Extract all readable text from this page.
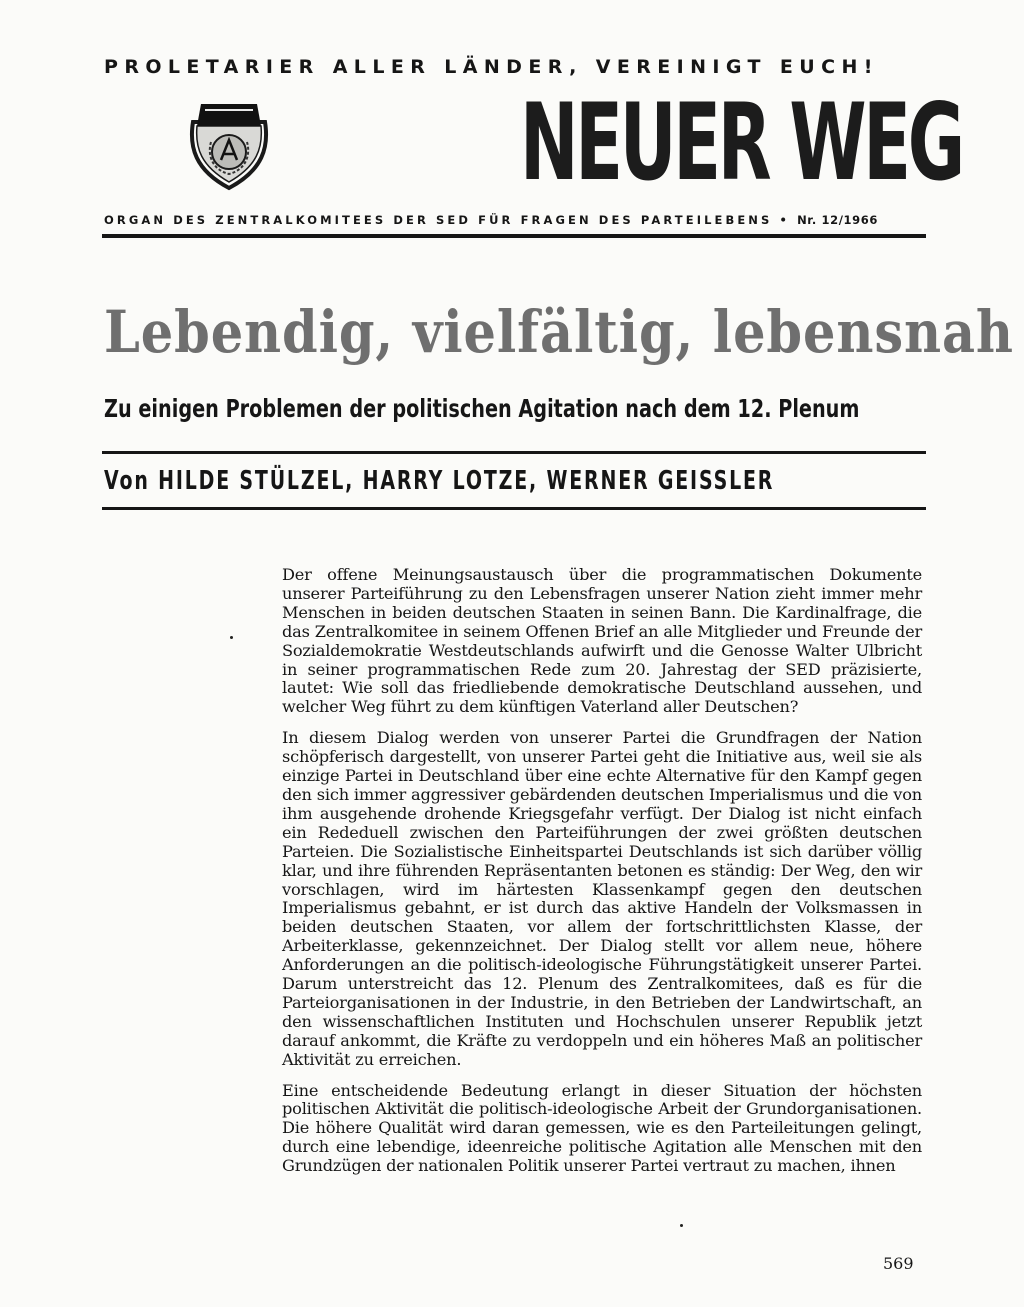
PROLETARIER ALLER LÄNDER, VEREINIGT EUCH!
NEUER WEG
ORGAN DES ZENTRALKOMITEES DER SED FÜR FRAGEN DES PARTEILEBENS • Nr. 12/1966
Lebendig, vielfältig, lebensnah
Zu einigen Problemen der politischen Agitation nach dem 12. Plenum
Von HILDE STÜLZEL, HARRY LOTZE, WERNER GEISSLER

Der offene Meinungsaustausch über die programmatischen Dokumente unserer Parteiführung zu den Lebensfragen unserer Nation zieht immer mehr Menschen in beiden deutschen Staaten in seinen Bann. Die Kardinalfrage, die das Zentralkomitee in seinem Offenen Brief an alle Mitglieder und Freunde der Sozialdemokratie Westdeutschlands aufwirft und die Genosse Walter Ulbricht in seiner programmatischen Rede zum 20. Jahrestag der SED präzisierte, lautet: Wie soll das friedliebende demokratische Deutschland aussehen, und welcher Weg führt zu dem künftigen Vaterland aller Deutschen?

In diesem Dialog werden von unserer Partei die Grundfragen der Nation schöpferisch dargestellt, von unserer Partei geht die Initiative aus, weil sie als einzige Partei in Deutschland über eine echte Alternative für den Kampf gegen den sich immer aggressiver gebärdenden deutschen Imperialismus und die von ihm ausgehende drohende Kriegsgefahr verfügt. Der Dialog ist nicht einfach ein Rededuell zwischen den Parteiführungen der zwei größten deutschen Parteien. Die Sozialistische Einheitspartei Deutschlands ist sich darüber völlig klar, und ihre führenden Repräsentanten betonen es ständig: Der Weg, den wir vorschlagen, wird im härtesten Klassenkampf gegen den deutschen Imperialismus gebahnt, er ist durch das aktive Handeln der Volksmassen in beiden deutschen Staaten, vor allem der fortschrittlichsten Klasse, der Arbeiterklasse, gekennzeichnet. Der Dialog stellt vor allem neue, höhere Anforderungen an die politisch-ideologische Führungstätigkeit unserer Partei. Darum unterstreicht das 12. Plenum des Zentralkomitees, daß es für die Parteiorganisationen in der Industrie, in den Betrieben der Landwirtschaft, an den wissenschaftlichen Instituten und Hochschulen unserer Republik jetzt darauf ankommt, die Kräfte zu verdoppeln und ein höheres Maß an politischer Aktivität zu erreichen.

Eine entscheidende Bedeutung erlangt in dieser Situation der höchsten politischen Aktivität die politisch-ideologische Arbeit der Grundorganisationen. Die höhere Qualität wird daran gemessen, wie es den Parteileitungen gelingt, durch eine lebendige, ideenreiche politische Agitation alle Menschen mit den Grundzügen der nationalen Politik unserer Partei vertraut zu machen, ihnen

569
